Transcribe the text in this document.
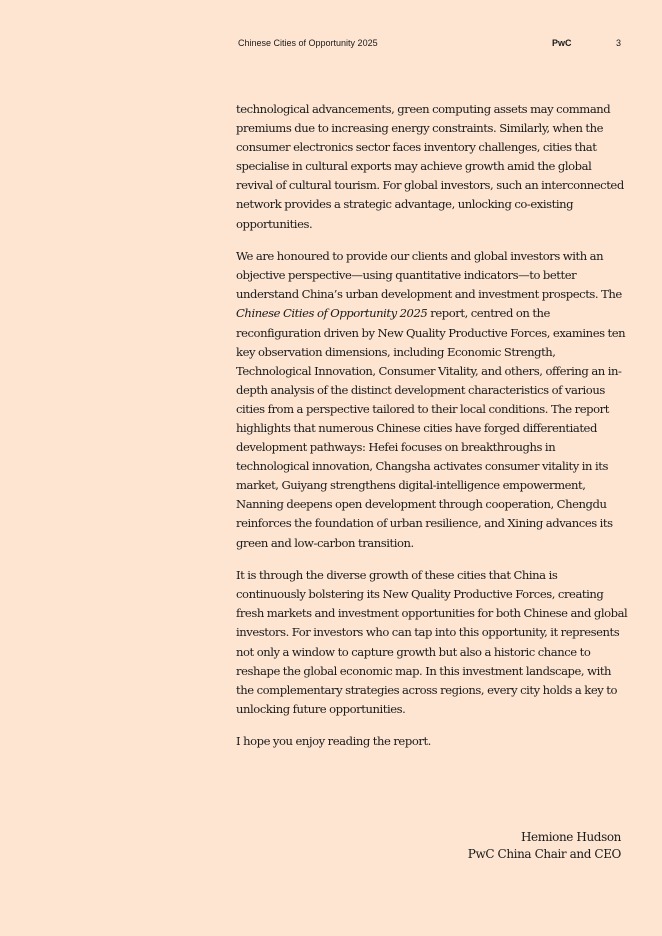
Chinese Cities of Opportunity 2025	PwC	3

technological advancements, green computing assets may command premiums due to increasing energy constraints. Similarly, when the consumer electronics sector faces inventory challenges, cities that specialise in cultural exports may achieve growth amid the global revival of cultural tourism. For global investors, such an interconnected network provides a strategic advantage, unlocking co-existing opportunities.

We are honoured to provide our clients and global investors with an objective perspective—using quantitative indicators—to better understand China’s urban development and investment prospects. The Chinese Cities of Opportunity 2025 report, centred on the reconfiguration driven by New Quality Productive Forces, examines ten key observation dimensions, including Economic Strength, Technological Innovation, Consumer Vitality, and others, offering an in-depth analysis of the distinct development characteristics of various cities from a perspective tailored to their local conditions. The report highlights that numerous Chinese cities have forged differentiated development pathways: Hefei focuses on breakthroughs in technological innovation, Changsha activates consumer vitality in its market, Guiyang strengthens digital-intelligence empowerment, Nanning deepens open development through cooperation, Chengdu reinforces the foundation of urban resilience, and Xining advances its green and low-carbon transition.

It is through the diverse growth of these cities that China is continuously bolstering its New Quality Productive Forces, creating fresh markets and investment opportunities for both Chinese and global investors. For investors who can tap into this opportunity, it represents not only a window to capture growth but also a historic chance to reshape the global economic map. In this investment landscape, with the complementary strategies across regions, every city holds a key to unlocking future opportunities.

I hope you enjoy reading the report.

Hemione Hudson
PwC China Chair and CEO
